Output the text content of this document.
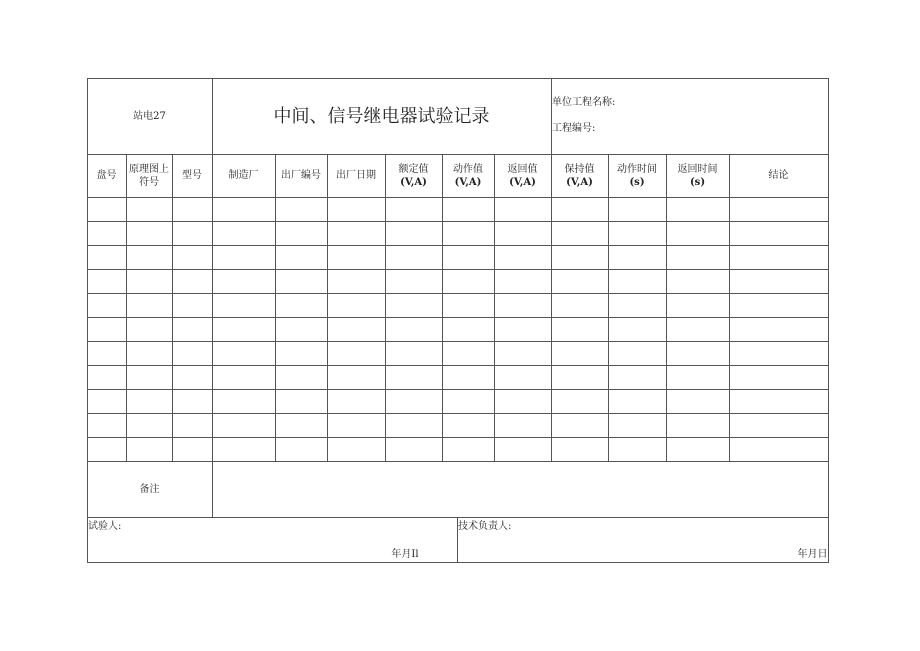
站电27	中间、信号继电器试验记录
单位工程名称:
工程编号:
盘号
原理图上
符号
型号	制造厂 出厂编号 出厂日期
额定值
(V,A)
动作值
(V,A)
返回值
(V,A)
保持值
(V,A)
动作时间
(s)
返回时间
(s)
结论
备注
试验人:
年月Il
技术负责人:
年月日
